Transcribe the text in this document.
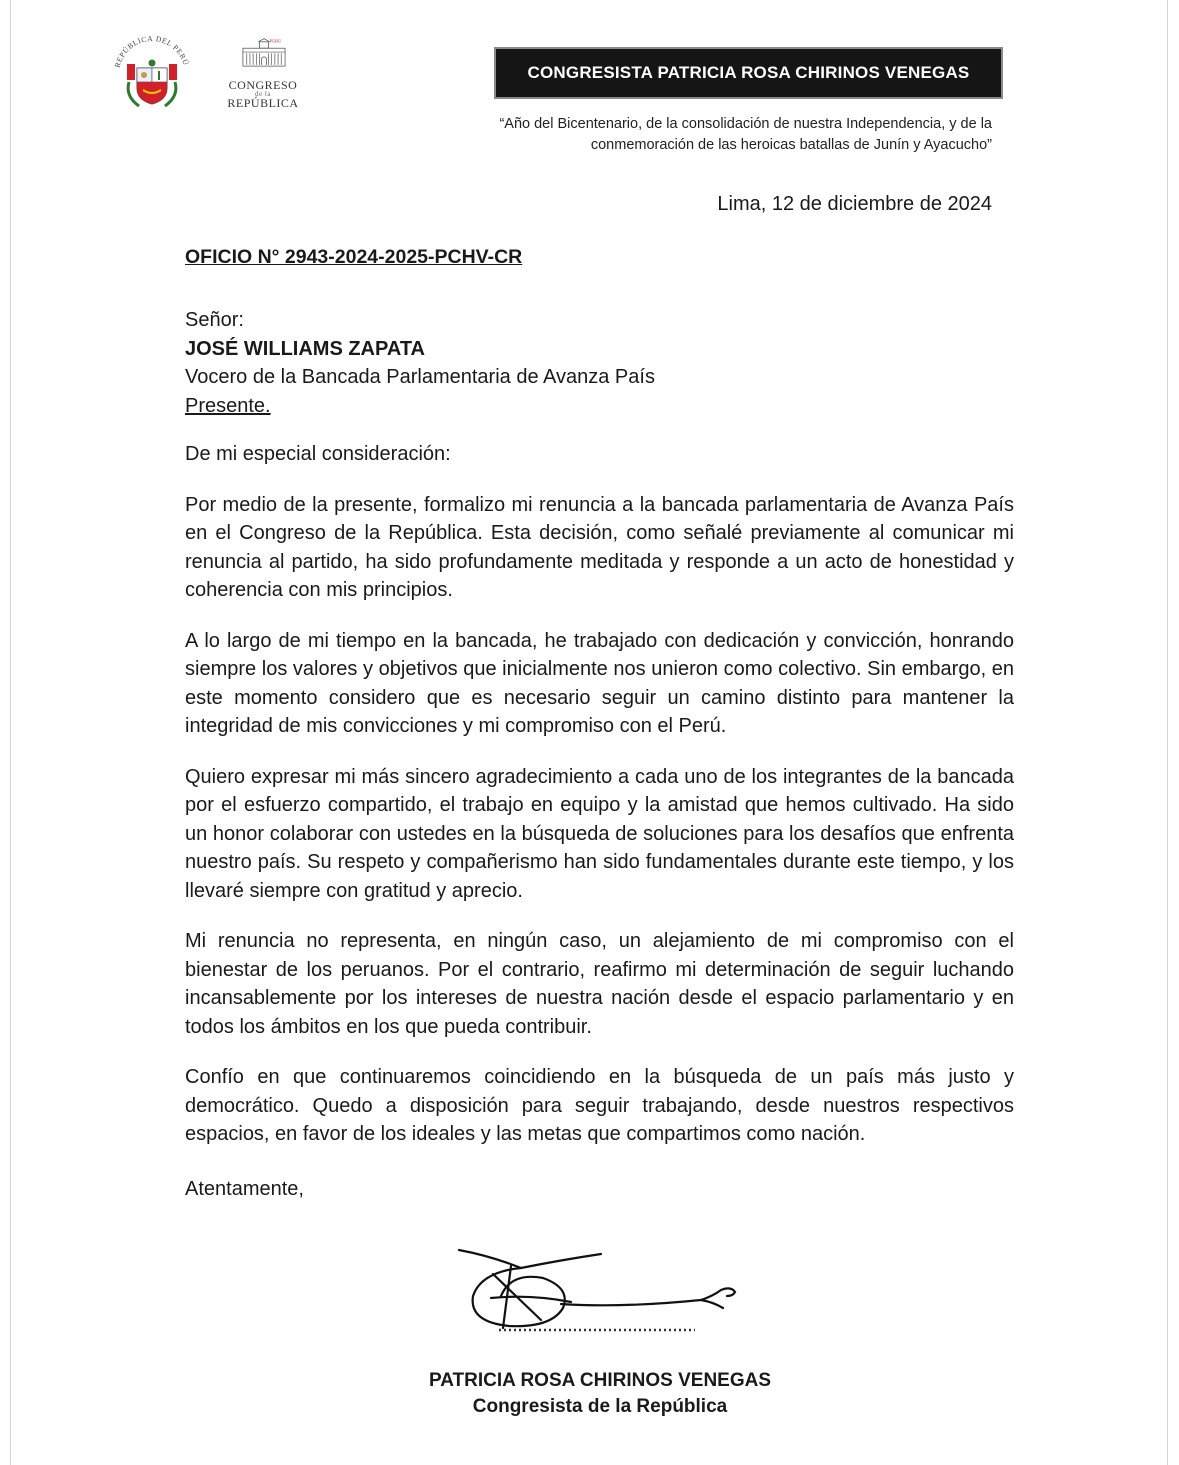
REPÚBLICA DEL PERÚ
PERÚ
CONGRESO
de la
REPÚBLICA
CONGRESISTA PATRICIA ROSA CHIRINOS VENEGAS
“Año del Bicentenario, de la consolidación de nuestra Independencia, y de la
conmemoración de las heroicas batallas de Junín y Ayacucho”
Lima, 12 de diciembre de 2024
OFICIO N° 2943-2024-2025-PCHV-CR
Señor:
JOSÉ WILLIAMS ZAPATA
Vocero de la Bancada Parlamentaria de Avanza País
Presente.

De mi especial consideración:

Por medio de la presente, formalizo mi renuncia a la bancada parlamentaria de Avanza País en el Congreso de la República. Esta decisión, como señalé previamente al comunicar mi renuncia al partido, ha sido profundamente meditada y responde a un acto de honestidad y coherencia con mis principios.

A lo largo de mi tiempo en la bancada, he trabajado con dedicación y convicción, honrando siempre los valores y objetivos que inicialmente nos unieron como colectivo. Sin embargo, en este momento considero que es necesario seguir un camino distinto para mantener la integridad de mis convicciones y mi compromiso con el Perú.

Quiero expresar mi más sincero agradecimiento a cada uno de los integrantes de la bancada por el esfuerzo compartido, el trabajo en equipo y la amistad que hemos cultivado. Ha sido un honor colaborar con ustedes en la búsqueda de soluciones para los desafíos que enfrenta nuestro país. Su respeto y compañerismo han sido fundamentales durante este tiempo, y los llevaré siempre con gratitud y aprecio.

Mi renuncia no representa, en ningún caso, un alejamiento de mi compromiso con el bienestar de los peruanos. Por el contrario, reafirmo mi determinación de seguir luchando incansablemente por los intereses de nuestra nación desde el espacio parlamentario y en todos los ámbitos en los que pueda contribuir.

Confío en que continuaremos coincidiendo en la búsqueda de un país más justo y democrático. Quedo a disposición para seguir trabajando, desde nuestros respectivos espacios, en favor de los ideales y las metas que compartimos como nación.

Atentamente,
PATRICIA ROSA CHIRINOS VENEGAS
Congresista de la República
